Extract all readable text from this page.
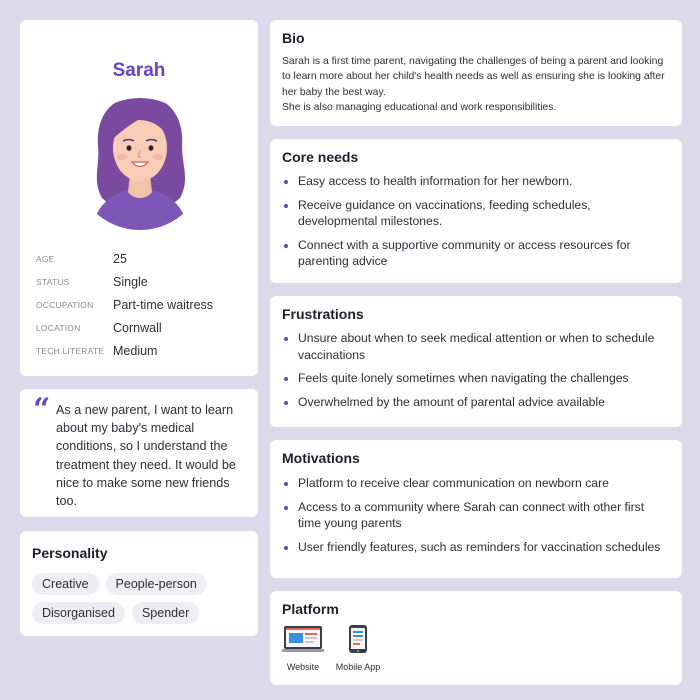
Sarah
AGE	25
STATUS	Single
OCCUPATION	Part-time waitress
LOCATION	Cornwall
TECH LITERATE Medium
“ As a new parent, I want to learn about my baby's medical conditions, so I understand the treatment they need. It would be nice to make some new friends too.
Personality
Creative	People-person
Disorganised	Spender
Bio
Sarah is a first time parent, navigating the challenges of being a parent and looking to learn more about her child's health needs as well as ensuring she is looking after her baby the best way.
She is also managing educational and work responsibilities.
Core needs
Easy access to health information for her newborn.
Receive guidance on vaccinations, feeding schedules, developmental milestones.
Connect with a supportive community or access resources for parenting advice
Frustrations
Unsure about when to seek medical attention or when to schedule vaccinations
Feels quite lonely sometimes when navigating the challenges
Overwhelmed by the amount of parental advice available
Motivations
Platform to receive clear communication on newborn care
Access to a community where Sarah can connect with other first time young parents
User friendly features, such as reminders for vaccination schedules
Platform
Website	Mobile App
